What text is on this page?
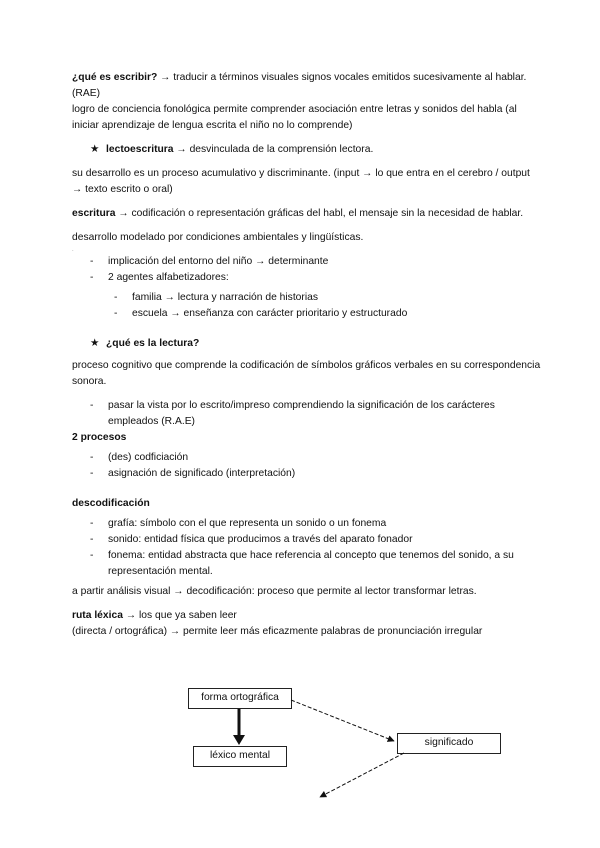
¿qué es escribir? → traducir a términos visuales signos vocales emitidos sucesivamente al hablar. (RAE)

logro de conciencia fonológica permite comprender asociación entre letras y sonidos del habla (al iniciar aprendizaje de lengua escrita el niño no lo comprende)

★ lectoescritura → desvinculada de la comprensión lectora.

su desarrollo es un proceso acumulativo y discriminante. (input → lo que entra en el cerebro / output → texto escrito o oral)

escritura → codificación o representación gráficas del habl, el mensaje sin la necesidad de hablar.

desarrollo modelado por condiciones ambientales y lingüísticas.

.
- implicación del entorno del niño → determinante
- 2 agentes alfabetizadores:
- familia → lectura y narración de historias
- escuela → enseñanza con carácter prioritario y estructurado
★ ¿qué es la lectura?

proceso cognitivo que comprende la codificación de símbolos gráficos verbales en su correspondencia sonora.

- pasar la vista por lo escrito/impreso comprendiendo la significación de los carácteres empleados (R.A.E)

2 procesos

- (des) codficiación
- asignación de significado (interpretación)

descodificación

- grafía: símbolo con el que representa un sonido o un fonema
- sonido: entidad física que producimos a través del aparato fonador
- fonema: entidad abstracta que hace referencia al concepto que tenemos del sonido, a su representación mental.

a partir análisis visual → decodificación: proceso que permite al lector transformar letras.

ruta léxica → los que ya saben leer

(directa / ortográfica) → permite leer más eficazmente palabras de pronunciación irregular

forma ortográfica
significado
léxico mental
